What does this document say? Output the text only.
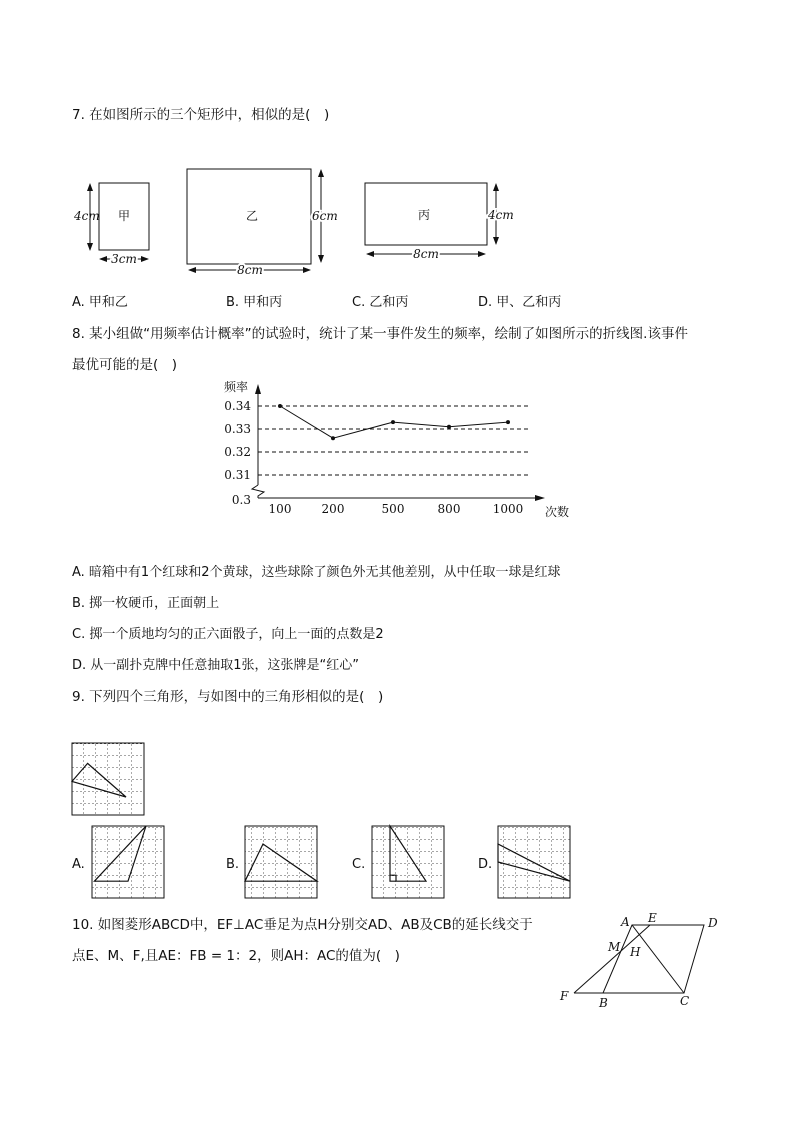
7. 在如图所示的三个矩形中，相似的是(　)
甲
4cm
3cm
乙	6cm
8cm
丙	4cm
8cm
A. 甲和乙	B. 甲和丙	C. 乙和丙	D. 甲、乙和丙
8. 某小组做“用频率估计概率”的试验时，统计了某一事件发生的频率，绘制了如图所示的折线图.该事件
最优可能的是(　)
0.34
0.33
0.32
0.31
0.3
频率
次数
100	200	500	800	1000
A. 暗箱中有1个红球和2个黄球，这些球除了颜色外无其他差别，从中任取一球是红球
B. 掷一枚硬币，正面朝上
C. 掷一个质地均匀的正六面骰子，向上一面的点数是2
D. 从一副扑克牌中任意抽取1张，这张牌是“红心”
9. 下列四个三角形，与如图中的三角形相似的是(　)
A.	B.	C.	D.
10. 如图菱形ABCD中，EF⊥AC垂足为点H分别交AD、AB及CB的延长线交于
点E、M、F,且AE：FB = 1：2，则AH：AC的值为(　)
A E	D
M H
F	B	C
